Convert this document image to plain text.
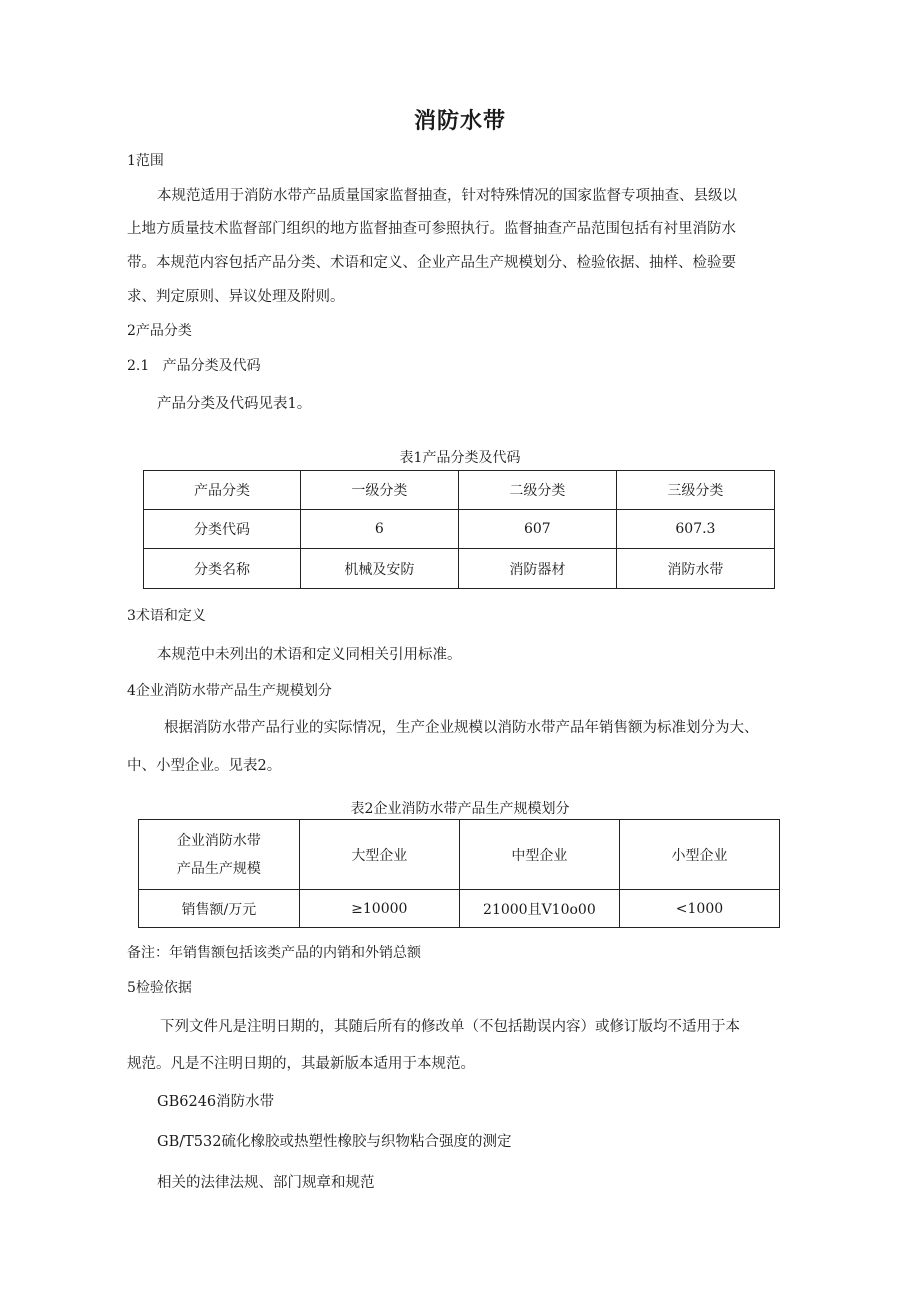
消防水带
1范围
本规范适用于消防水带产品质量国家监督抽查，针对特殊情况的国家监督专项抽查、县级以
上地方质量技术监督部门组织的地方监督抽查可参照执行。监督抽查产品范围包括有衬里消防水
带。本规范内容包括产品分类、术语和定义、企业产品生产规模划分、检验依据、抽样、检验要
求、判定原则、异议处理及附则。
2产品分类
2.1   产品分类及代码
产品分类及代码见表1。
表1产品分类及代码
产品分类	一级分类	二级分类	三级分类
分类代码	6	607	607.3
分类名称	机械及安防	消防器材	消防水带
3术语和定义
本规范中未列出的术语和定义同相关引用标准。
4企业消防水带产品生产规模划分
根据消防水带产品行业的实际情况，生产企业规模以消防水带产品年销售额为标准划分为大、
中、小型企业。见表2。
表2企业消防水带产品生产规模划分
企业消防水带
产品生产规模	大型企业	中型企业	小型企业
销售额/万元	≥10000	21000且V10o00	<1000
备注：年销售额包括该类产品的内销和外销总额
5检验依据
下列文件凡是注明日期的，其随后所有的修改单（不包括勘误内容）或修订版均不适用于本
规范。凡是不注明日期的，其最新版本适用于本规范。
GB6246消防水带
GB/T532硫化橡胶或热塑性橡胶与织物粘合强度的测定
相关的法律法规、部门规章和规范
